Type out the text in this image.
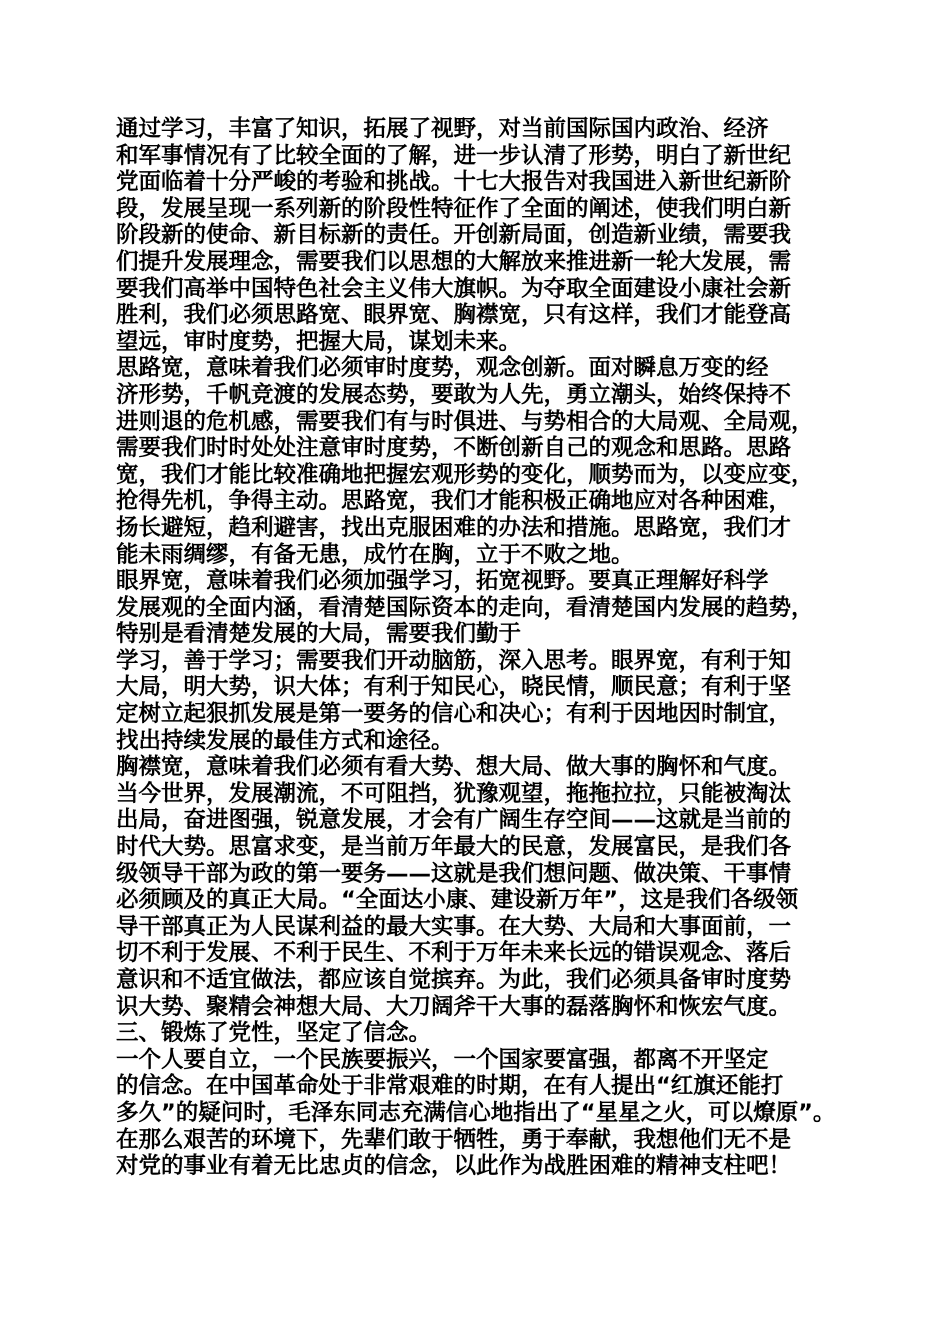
通过学习，丰富了知识，拓展了视野，对当前国际国内政治、经济
和军事情况有了比较全面的了解，进一步认清了形势，明白了新世纪
党面临着十分严峻的考验和挑战。十七大报告对我国进入新世纪新阶
段，发展呈现一系列新的阶段性特征作了全面的阐述，使我们明白新
阶段新的使命、新目标新的责任。开创新局面，创造新业绩，需要我
们提升发展理念，需要我们以思想的大解放来推进新一轮大发展，需
要我们高举中国特色社会主义伟大旗帜。为夺取全面建设小康社会新
胜利，我们必须思路宽、眼界宽、胸襟宽，只有这样，我们才能登高
望远，审时度势，把握大局，谋划未来。
思路宽，意味着我们必须审时度势，观念创新。面对瞬息万变的经
济形势，千帆竞渡的发展态势，要敢为人先，勇立潮头，始终保持不
进则退的危机感，需要我们有与时俱进、与势相合的大局观、全局观，
需要我们时时处处注意审时度势，不断创新自己的观念和思路。思路
宽，我们才能比较准确地把握宏观形势的变化，顺势而为，以变应变，
抢得先机，争得主动。思路宽，我们才能积极正确地应对各种困难，
扬长避短，趋利避害，找出克服困难的办法和措施。思路宽，我们才
能未雨绸缪，有备无患，成竹在胸，立于不败之地。
眼界宽，意味着我们必须加强学习，拓宽视野。要真正理解好科学
发展观的全面内涵，看清楚国际资本的走向，看清楚国内发展的趋势，
特别是看清楚发展的大局，需要我们勤于
学习，善于学习；需要我们开动脑筋，深入思考。眼界宽，有利于知
大局，明大势，识大体；有利于知民心，晓民情，顺民意；有利于坚
定树立起狠抓发展是第一要务的信心和决心；有利于因地因时制宜，
找出持续发展的最佳方式和途径。
胸襟宽，意味着我们必须有看大势、想大局、做大事的胸怀和气度。
当今世界，发展潮流，不可阻挡，犹豫观望，拖拖拉拉，只能被淘汰
出局，奋进图强，锐意发展，才会有广阔生存空间——这就是当前的
时代大势。思富求变，是当前万年最大的民意，发展富民，是我们各
级领导干部为政的第一要务——这就是我们想问题、做决策、干事情
必须顾及的真正大局。“全面达小康、建设新万年”，这是我们各级领
导干部真正为人民谋利益的最大实事。在大势、大局和大事面前，一
切不利于发展、不利于民生、不利于万年未来长远的错误观念、落后
意识和不适宜做法，都应该自觉摈弃。为此，我们必须具备审时度势
识大势、聚精会神想大局、大刀阔斧干大事的磊落胸怀和恢宏气度。
三、锻炼了党性，坚定了信念。
一个人要自立，一个民族要振兴，一个国家要富强，都离不开坚定
的信念。在中国革命处于非常艰难的时期，在有人提出“红旗还能打
多久”的疑问时，毛泽东同志充满信心地指出了“星星之火，可以燎原”。
在那么艰苦的环境下，先辈们敢于牺牲，勇于奉献，我想他们无不是
对党的事业有着无比忠贞的信念，以此作为战胜困难的精神支柱吧！
